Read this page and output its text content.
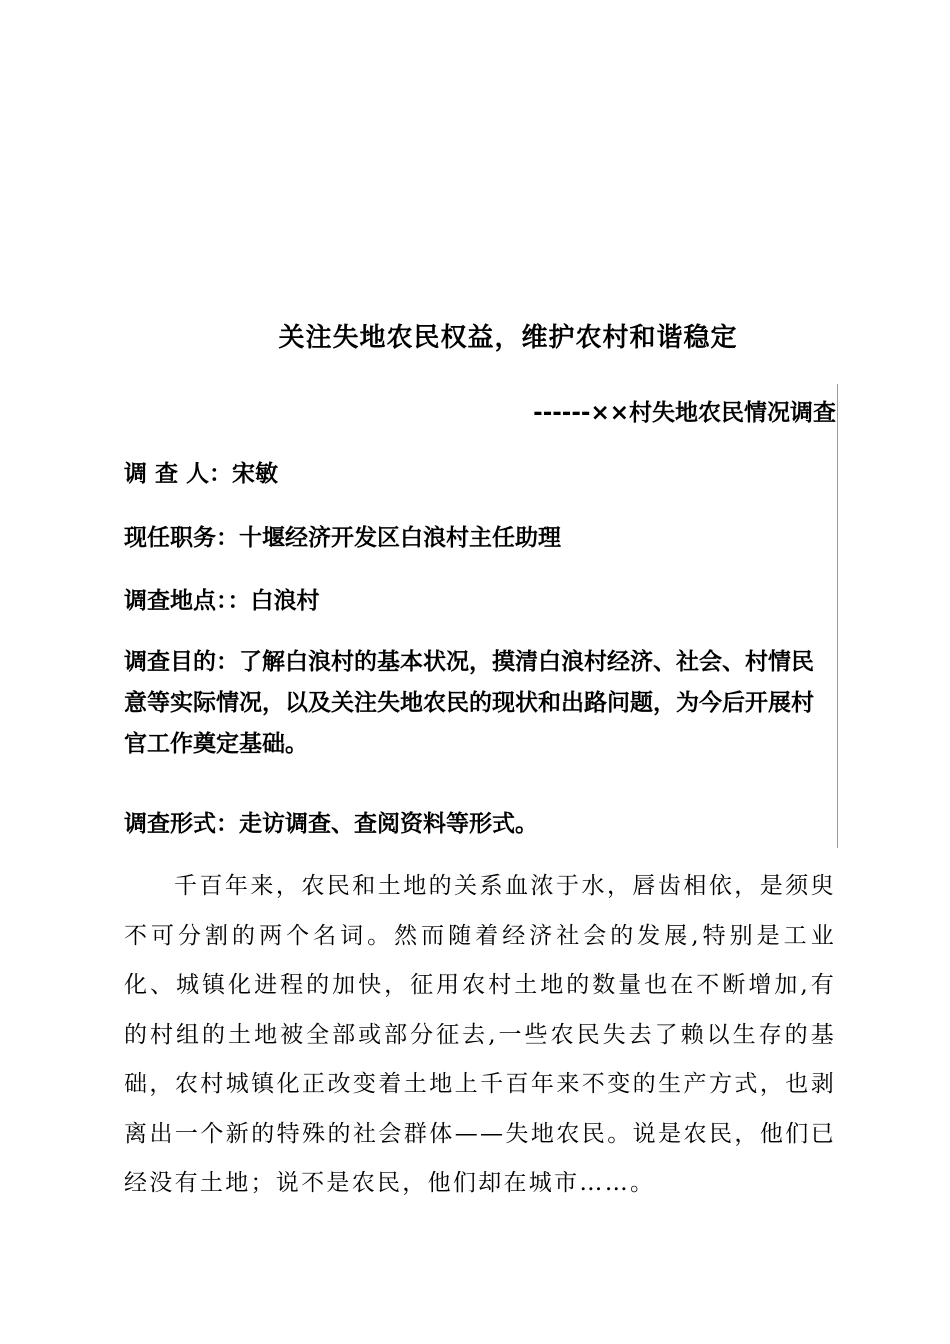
关注失地农民权益，维护农村和谐稳定
------××村失地农民情况调查
调 查 人：宋敏
现任职务：十堰经济开发区白浪村主任助理
调查地点：：白浪村
调查目的：了解白浪村的基本状况，摸清白浪村经济、社会、村情民意等实际情况，以及关注失地农民的现状和出路问题，为今后开展村官工作奠定基础。
调查形式：走访调查、查阅资料等形式。

千百年来，农民和土地的关系血浓于水，唇齿相依，是须臾不可分割的两个名词。然而随着经济社会的发展,特别是工业化、城镇化进程的加快，征用农村土地的数量也在不断增加,有的村组的土地被全部或部分征去,一些农民失去了赖以生存的基础，农村城镇化正改变着土地上千百年来不变的生产方式，也剥离出一个新的特殊的社会群体——失地农民。说是农民，他们已经没有土地；说不是农民，他们却在城市……。
